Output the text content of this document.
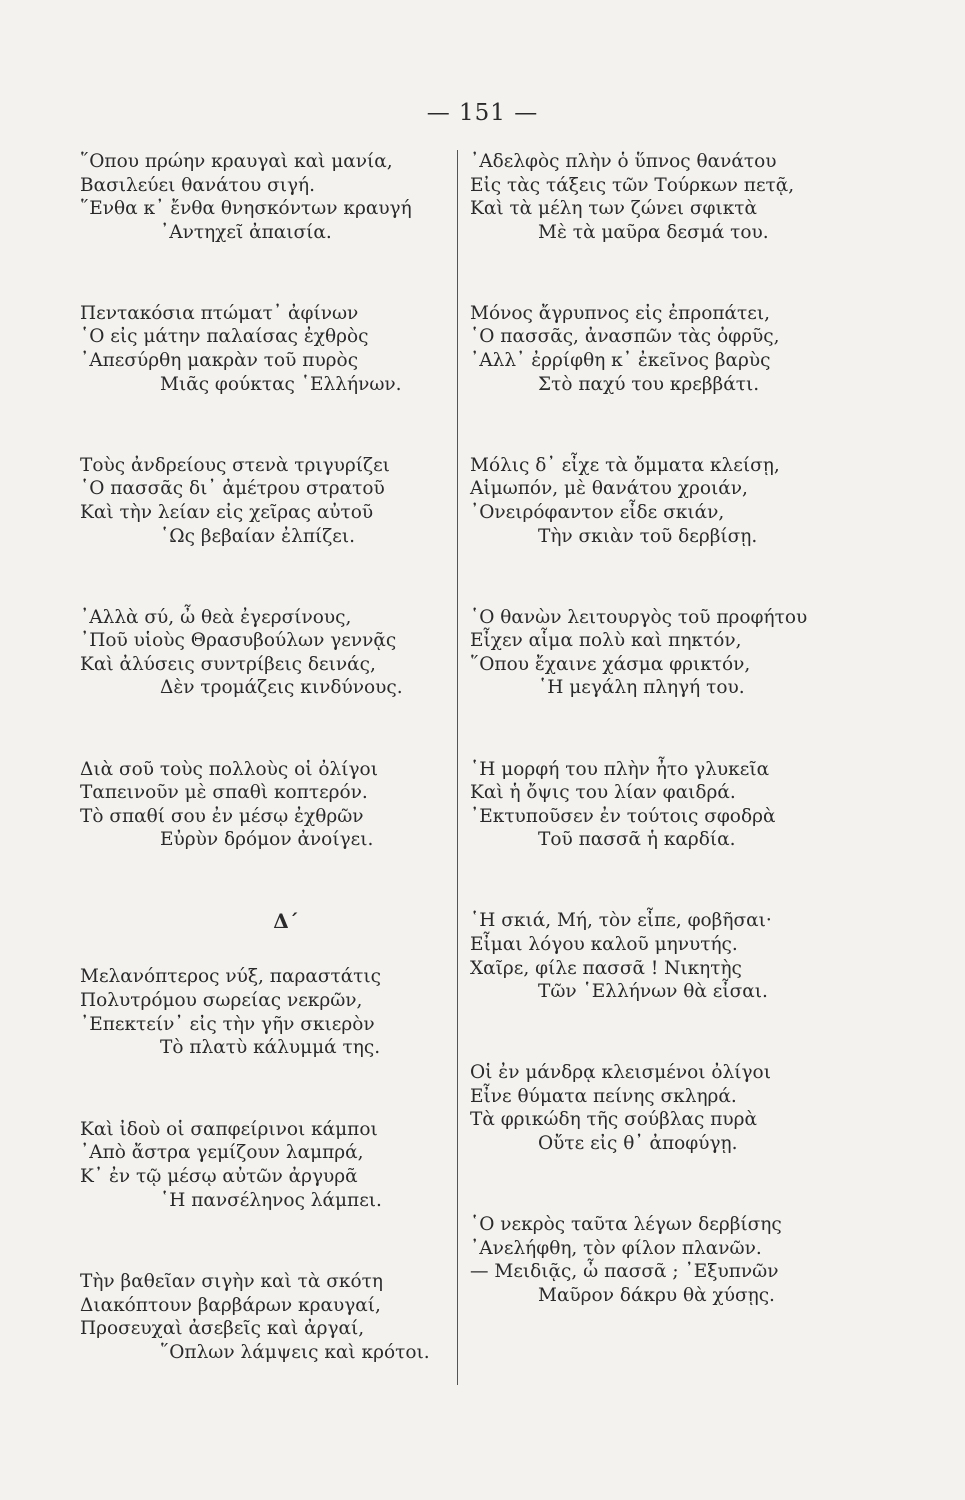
— 151 —
῞Οπου πρώην κραυγαὶ καὶ μανία,
Βασιλεύει θανάτου σιγή.
῞Ενθα κ᾽ ἔνθα θνησκόντων κραυγή
᾽Αντηχεῖ ἀπαισία.
Πεντακόσια πτώματ᾽ ἀφίνων
῾Ο εἰς μάτην παλαίσας ἐχθρὸς
᾽Απεσύρθη μακρὰν τοῦ πυρὸς
Μιᾶς φούκτας ῾Ελλήνων.
Τοὺς ἀνδρείους στενὰ τριγυρίζει
῾Ο πασσᾶς δι᾽ ἀμέτρου στρατοῦ
Καὶ τὴν λείαν εἰς χεῖρας αὐτοῦ
῾Ως βεβαίαν ἐλπίζει.
᾽Αλλὰ σύ, ὦ θεὰ ἐγερσίνους,
᾽Ποῦ υἱοὺς Θρασυβούλων γεννᾷς
Καὶ ἀλύσεις συντρίβεις δεινάς,
Δὲν τρομάζεις κινδύνους.
Διὰ σοῦ τοὺς πολλοὺς οἱ ὀλίγοι
Ταπεινοῦν μὲ σπαθὶ κοπτερόν.
Τὸ σπαθί σου ἐν μέσῳ ἐχθρῶν
Εὐρὺν δρόμον ἀνοίγει.
Δ΄
Μελανόπτερος νύξ, παραστάτις
Πολυτρόμου σωρείας νεκρῶν,
᾽Επεκτείν᾽ εἰς τὴν γῆν σκιερὸν
Τὸ πλατὺ κάλυμμά της.
Καὶ ἰδοὺ οἱ σαπφείρινοι κάμποι
᾽Απὸ ἄστρα γεμίζουν λαμπρά,
Κ᾽ ἐν τῷ μέσῳ αὐτῶν ἀργυρᾶ
῾Η πανσέληνος λάμπει.
Τὴν βαθεῖαν σιγὴν καὶ τὰ σκότη
Διακόπτουν βαρβάρων κραυγαί,
Προσευχαὶ ἀσεβεῖς καὶ ἀργαί,
῞Οπλων λάμψεις καὶ κρότοι.
᾽Αδελφὸς πλὴν ὁ ὕπνος θανάτου
Εἰς τὰς τάξεις τῶν Τούρκων πετᾷ,
Καὶ τὰ μέλη των ζώνει σφικτὰ
Μὲ τὰ μαῦρα δεσμά του.
Μόνος ἄγρυπνος εἰς ἐπροπάτει,
῾Ο πασσᾶς, ἀνασπῶν τὰς ὀφρῦς,
᾽Αλλ᾽ ἐρρίφθη κ᾽ ἐκεῖνος βαρὺς
Στὸ παχύ του κρεββάτι.
Μόλις δ᾽ εἶχε τὰ ὄμματα κλείσῃ,
Αἱμωπόν, μὲ θανάτου χροιάν,
᾽Ονειρόφαντον εἶδε σκιάν,
Τὴν σκιὰν τοῦ δερβίσῃ.
῾Ο θανὼν λειτουργὸς τοῦ προφήτου
Εἶχεν αἷμα πολὺ καὶ πηκτόν,
῞Οπου ἔχαινε χάσμα φρικτόν,
῾Η μεγάλη πληγή του.
῾Η μορφή του πλὴν ἦτο γλυκεῖα
Καὶ ἡ ὄψις του λίαν φαιδρά.
᾽Εκτυποῦσεν ἐν τούτοις σφοδρὰ
Τοῦ πασσᾶ ἡ καρδία.
῾Η σκιά, Μή, τὸν εἶπε, φοβῆσαι·
Εἶμαι λόγου καλοῦ μηνυτής.
Χαῖρε, φίλε πασσᾶ ! Νικητὴς
Τῶν ῾Ελλήνων θὰ εἶσαι.
Οἱ ἐν μάνδρᾳ κλεισμένοι ὀλίγοι
Εἶνε θύματα πείνης σκληρά.
Τὰ φρικώδη τῆς σούβλας πυρὰ
Οὔτε εἰς θ᾽ ἀποφύγῃ.
῾Ο νεκρὸς ταῦτα λέγων δερβίσης
᾽Ανελήφθη, τὸν φίλον πλανῶν.
— Μειδιᾷς, ὦ πασσᾶ ; ᾽Εξυπνῶν
Μαῦρον δάκρυ θὰ χύσῃς.
